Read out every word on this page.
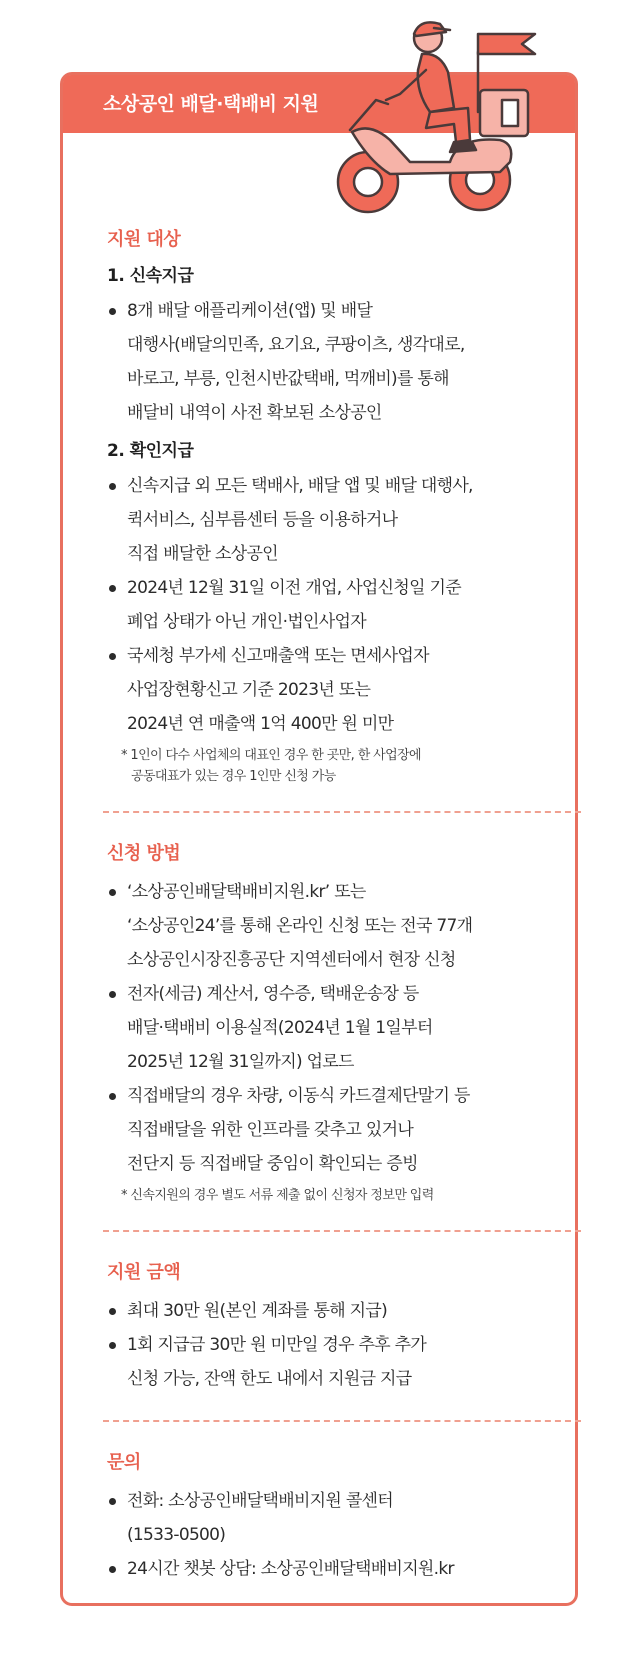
소상공인 배달·택배비 지원
지원 대상
1. 신속지급
8개 배달 애플리케이션(앱) 및 배달
대행사(배달의민족, 요기요, 쿠팡이츠, 생각대로,
바로고, 부릉, 인천시반값택배, 먹깨비)를 통해
배달비 내역이 사전 확보된 소상공인
2. 확인지급
신속지급 외 모든 택배사, 배달 앱 및 배달 대행사,
퀵서비스, 심부름센터 등을 이용하거나
직접 배달한 소상공인
2024년 12월 31일 이전 개업, 사업신청일 기준
폐업 상태가 아닌 개인·법인사업자
국세청 부가세 신고매출액 또는 면세사업자
사업장현황신고 기준 2023년 또는
2024년 연 매출액 1억 400만 원 미만
* 1인이 다수 사업체의 대표인 경우 한 곳만, 한 사업장에
공동대표가 있는 경우 1인만 신청 가능
신청 방법
‘소상공인배달택배비지원.kr’ 또는
‘소상공인24’를 통해 온라인 신청 또는 전국 77개
소상공인시장진흥공단 지역센터에서 현장 신청
전자(세금) 계산서, 영수증, 택배운송장 등
배달·택배비 이용실적(2024년 1월 1일부터
2025년 12월 31일까지) 업로드
직접배달의 경우 차량, 이동식 카드결제단말기 등
직접배달을 위한 인프라를 갖추고 있거나
전단지 등 직접배달 중임이 확인되는 증빙
* 신속지원의 경우 별도 서류 제출 없이 신청자 정보만 입력
지원 금액
최대 30만 원(본인 계좌를 통해 지급)
1회 지급금 30만 원 미만일 경우 추후 추가
신청 가능, 잔액 한도 내에서 지원금 지급
문의
전화: 소상공인배달택배비지원 콜센터
(1533-0500)
24시간 챗봇 상담: 소상공인배달택배비지원.kr
